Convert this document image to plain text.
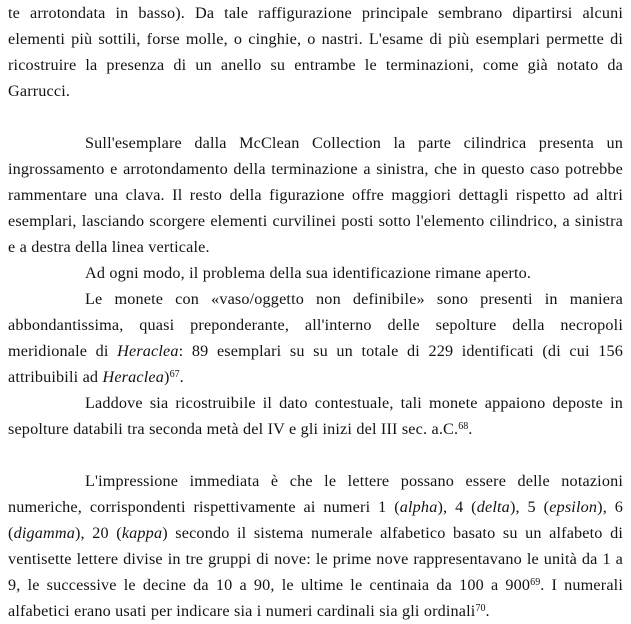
te arrotondata in basso). Da tale raffigurazione principale sembrano dipartirsi alcuni elementi più sottili, forse molle, o cinghie, o nastri. L'esame di più esemplari permette di ricostruire la presenza di un anello su entrambe le terminazioni, come già notato da Garrucci.

Sull'esemplare dalla McClean Collection la parte cilindrica presenta un ingrossamento e arrotondamento della terminazione a sinistra, che in questo caso potrebbe rammentare una clava. Il resto della figurazione offre maggiori dettagli rispetto ad altri esemplari, lasciando scorgere elementi curvilinei posti sotto l'elemento cilindrico, a sinistra e a destra della linea verticale.

Ad ogni modo, il problema della sua identificazione rimane aperto.

Le monete con «vaso/oggetto non definibile» sono presenti in maniera abbondantissima, quasi preponderante, all'interno delle sepolture della necropoli meridionale di Heraclea: 89 esemplari su su un totale di 229 identificati (di cui 156 attribuibili ad Heraclea)$^{67}$.

Laddove sia ricostruibile il dato contestuale, tali monete appaiono deposte in sepolture databili tra seconda metà del IV e gli inizi del III sec. a.C.$^{68}$.

L'impressione immediata è che le lettere possano essere delle notazioni numeriche, corrispondenti rispettivamente ai numeri 1 (alpha), 4 (delta), 5 (epsilon), 6 (digamma), 20 (kappa) secondo il sistema numerale alfabetico basato su un alfabeto di ventisette lettere divise in tre gruppi di nove: le prime nove rappresentavano le unità da 1 a 9, le successive le decine da 10 a 90, le ultime le centinaia da 100 a 900$^{69}$. I numerali alfabetici erano usati per indicare sia i numeri cardinali sia gli ordinali$^{70}$.
